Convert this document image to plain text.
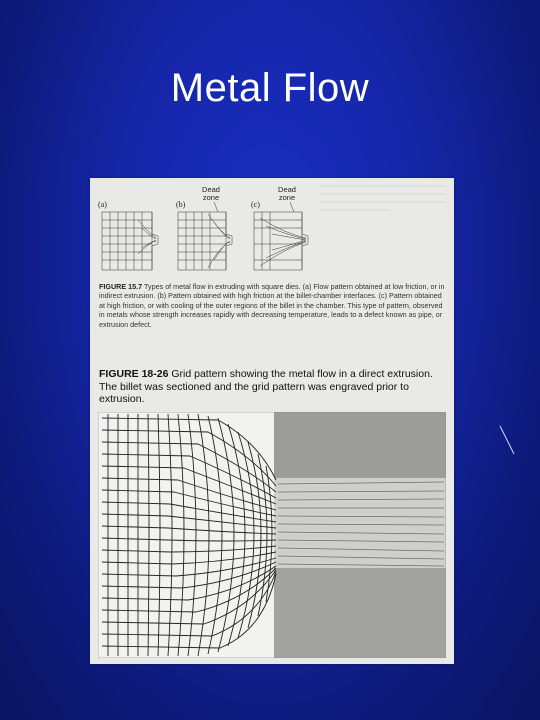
Metal Flow
(a)	(b)	(c)
Dead zone
Dead zone
FIGURE 15.7 Types of metal flow in extruding with square dies. (a) Flow pattern obtained at low friction, or in indirect extrusion. (b) Pattern obtained with high friction at the billet-chamber interfaces. (c) Pattern obtained at high friction, or with cooling of the outer regions of the billet in the chamber. This type of pattern, observed in metals whose strength increases rapidly with decreasing temperature, leads to a defect known as pipe, or extrusion defect.
FIGURE 18-26 Grid pattern showing the metal flow in a direct extrusion. The billet was sectioned and the grid pattern was engraved prior to extrusion.
